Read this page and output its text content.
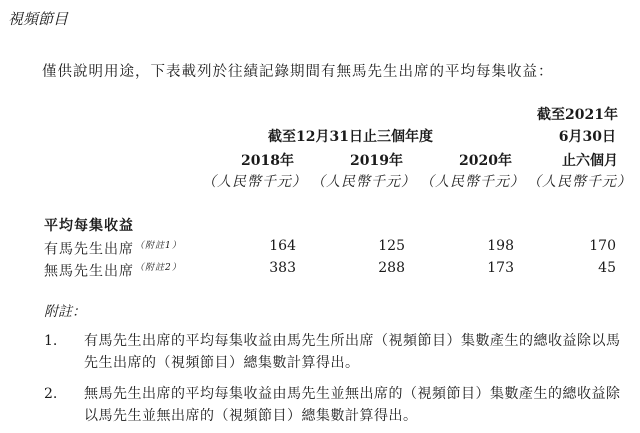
視頻節目
僅供說明用途，下表載列於往績記錄期間有無馬先生出席的平均每集收益：
截至2021年
截至12月31日止三個年度	6月30日
2018年	2019年	2020年	止六個月
（人民幣千元） （人民幣千元） （人民幣千元） （人民幣千元）
平均每集收益
有馬先生出席$^{(附註1)}$	164	125	198	170
無馬先生出席$^{(附註2)}$	383	288	173	45
附註：
1. 有馬先生出席的平均每集收益由馬先生所出席（視頻節目）集數產生的總收益除以馬先生出席的（視頻節目）總集數計算得出。
2. 無馬先生出席的平均每集收益由馬先生並無出席的（視頻節目）集數產生的總收益除以馬先生並無出席的（視頻節目）總集數計算得出。
